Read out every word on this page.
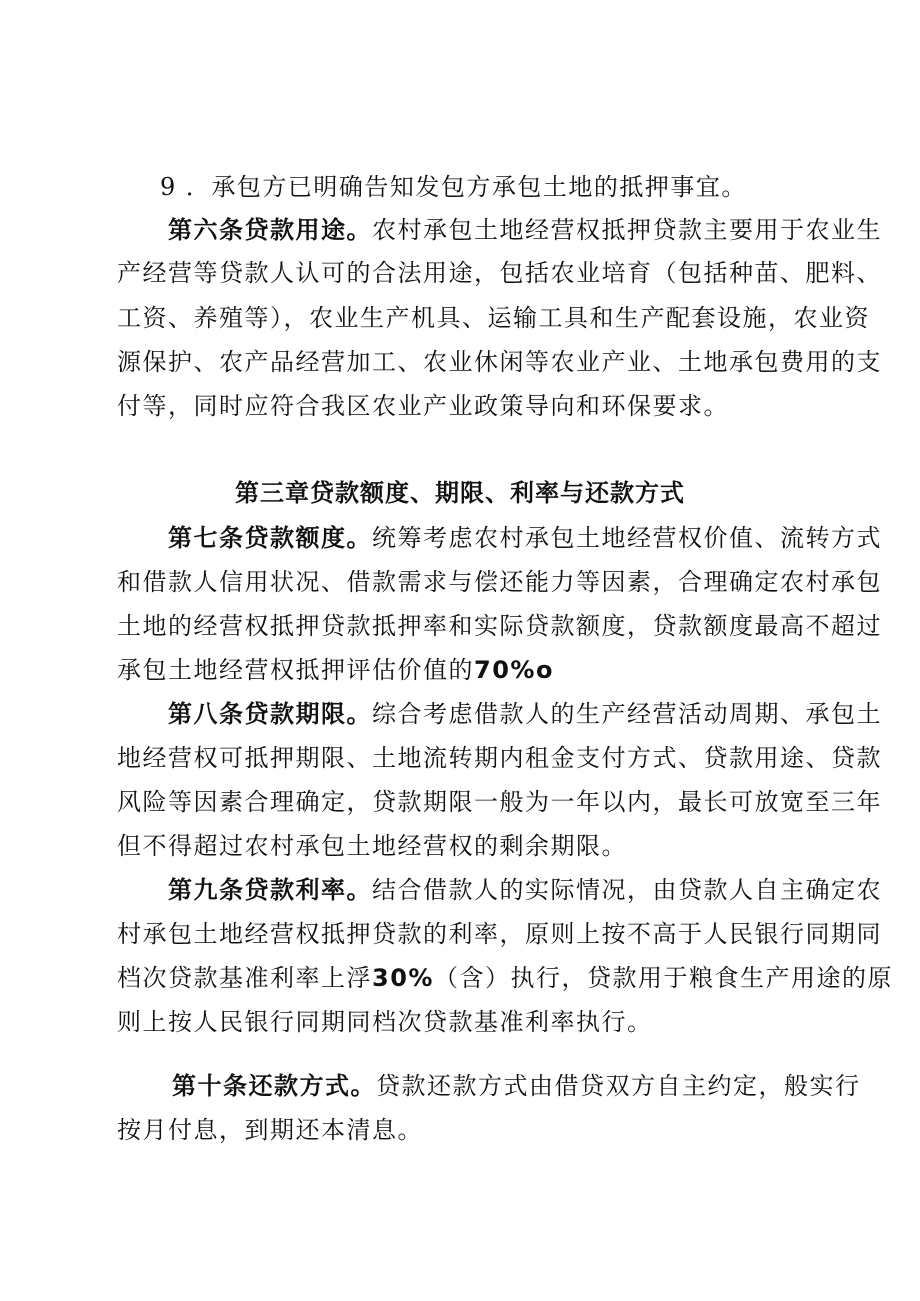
9 ．承包方已明确告知发包方承包土地的抵押事宜。
第六条贷款用途。农村承包土地经营权抵押贷款主要用于农业生
产经营等贷款人认可的合法用途，包括农业培育（包括种苗、肥料、
工资、养殖等），农业生产机具、运输工具和生产配套设施，农业资
源保护、农产品经营加工、农业休闲等农业产业、土地承包费用的支
付等，同时应符合我区农业产业政策导向和环保要求。
第三章贷款额度、期限、利率与还款方式
第七条贷款额度。统筹考虑农村承包土地经营权价值、流转方式
和借款人信用状况、借款需求与偿还能力等因素，合理确定农村承包
土地的经营权抵押贷款抵押率和实际贷款额度，贷款额度最高不超过
承包土地经营权抵押评估价值的70%o
第八条贷款期限。综合考虑借款人的生产经营活动周期、承包土
地经营权可抵押期限、土地流转期内租金支付方式、贷款用途、贷款
风险等因素合理确定，贷款期限一般为一年以内，最长可放宽至三年
但不得超过农村承包土地经营权的剩余期限。
第九条贷款利率。结合借款人的实际情况，由贷款人自主确定农
村承包土地经营权抵押贷款的利率，原则上按不高于人民银行同期同
档次贷款基准利率上浮30%（含）执行，贷款用于粮食生产用途的原
则上按人民银行同期同档次贷款基准利率执行。
第十条还款方式。贷款还款方式由借贷双方自主约定，般实行
按月付息，到期还本清息。
